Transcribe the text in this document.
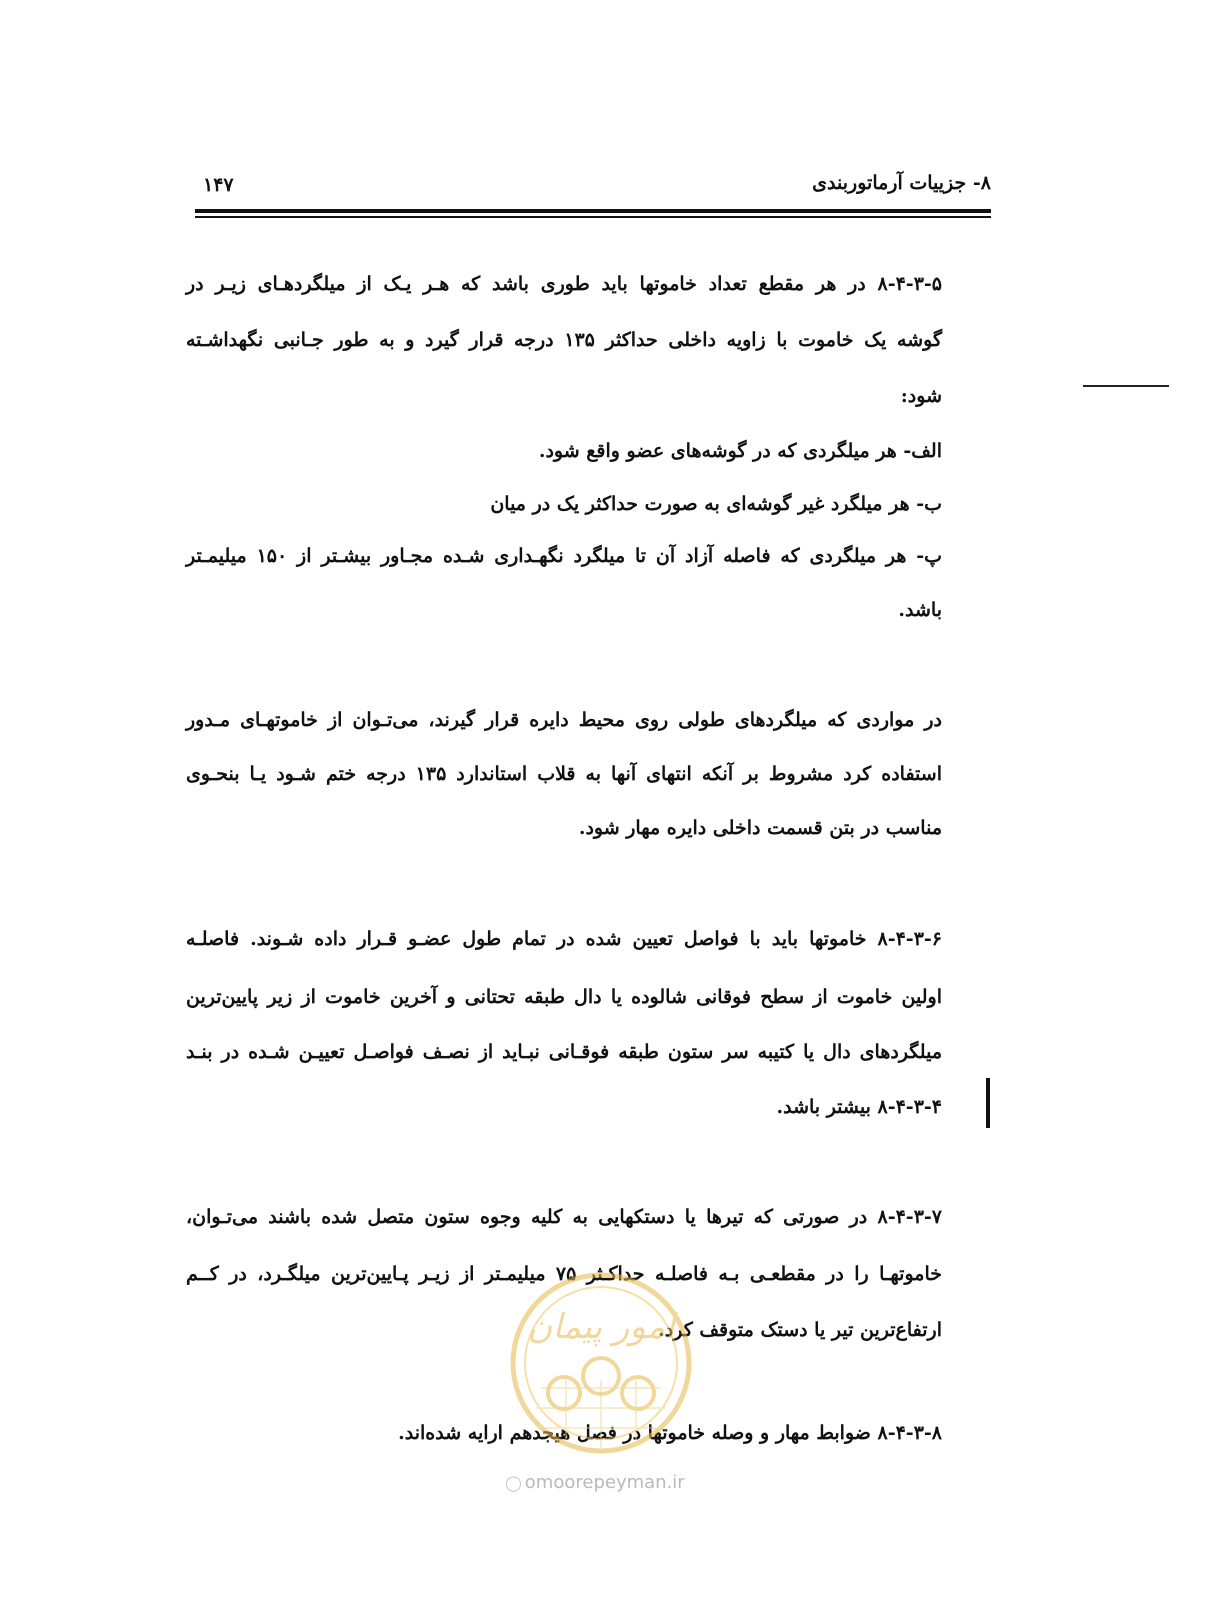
۸- جزییات آرماتوربندی
۱۴۷
۸-۴-۳-۵ در هر مقطع تعداد خاموتها باید طوری باشد که هـر یـک از میلگردهـای زیـر در
گوشه یک خاموت با زاویه داخلی حداکثر ۱۳۵ درجه قرار گیرد و به طور جـانبی نگهداشـته
شود:
الف- هر میلگردی که در گوشه‌های عضو واقع شود.
ب- هر میلگرد غیر گوشه‌ای به صورت حداکثر یک در میان
پ- هر میلگردی که فاصله آزاد آن تا میلگرد نگهـداری شـده مجـاور بیشـتر از ۱۵۰ میلیمـتر
باشد.
در مواردی که میلگردهای طولی روی محیط دایره قرار گیرند، می‌تـوان از خاموتهـای مـدور
استفاده کرد مشروط بر آنکه انتهای آنها به قلاب استاندارد ۱۳۵ درجه ختم شـود یـا بنحـوی
مناسب در بتن قسمت داخلی دایره مهار شود.
۸-۴-۳-۶ خاموتها باید با فواصل تعیین شده در تمام طول عضـو قـرار داده شـوند. فاصلـه
اولین خاموت از سطح فوقانی شالوده یا دال طبقه تحتانی و آخرین خاموت از زیر پایین‌ترین
میلگردهای دال یا کتیبه سر ستون طبقه فوقـانی نبـاید از نصـف فواصـل تعییـن شـده در بنـد
۸-۴-۳-۴ بیشتر باشد.
۸-۴-۳-۷ در صورتی که تیرها یا دستکهایی به کلیه وجوه ستون متصل شده باشند می‌تـوان،
خاموتهـا را در مقطعـی بـه فاصلـه حداکـثر ۷۵ میلیمـتر از زیـر پـایین‌ترین میلگـرد، در کــم
ارتفاع‌ترین تیر یا دستک متوقف کرد.
۸-۴-۳-۸ ضوابط مهار و وصله خاموتها در فصل هیجدهم ارایه شده‌اند.
امور پیمان
◯ omoorepeyman.ir
